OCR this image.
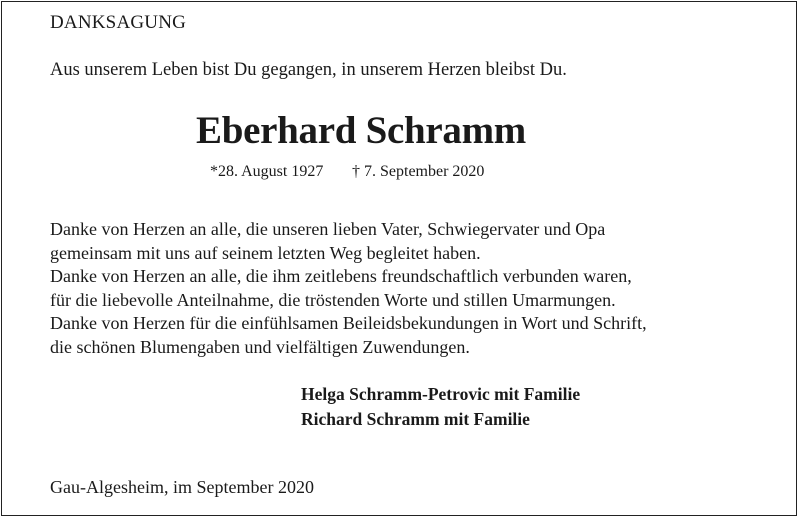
DANKSAGUNG
Aus unserem Leben bist Du gegangen, in unserem Herzen bleibst Du.
Eberhard Schramm
*28. August 1927 † 7. September 2020
Danke von Herzen an alle, die unseren lieben Vater, Schwiegervater und Opa
gemeinsam mit uns auf seinem letzten Weg begleitet haben.
Danke von Herzen an alle, die ihm zeitlebens freundschaftlich verbunden waren,
für die liebevolle Anteilnahme, die tröstenden Worte und stillen Umarmungen.
Danke von Herzen für die einfühlsamen Beileidsbekundungen in Wort und Schrift,
die schönen Blumengaben und vielfältigen Zuwendungen.
Helga Schramm-Petrovic mit Familie
Richard Schramm mit Familie
Gau-Algesheim, im September 2020
